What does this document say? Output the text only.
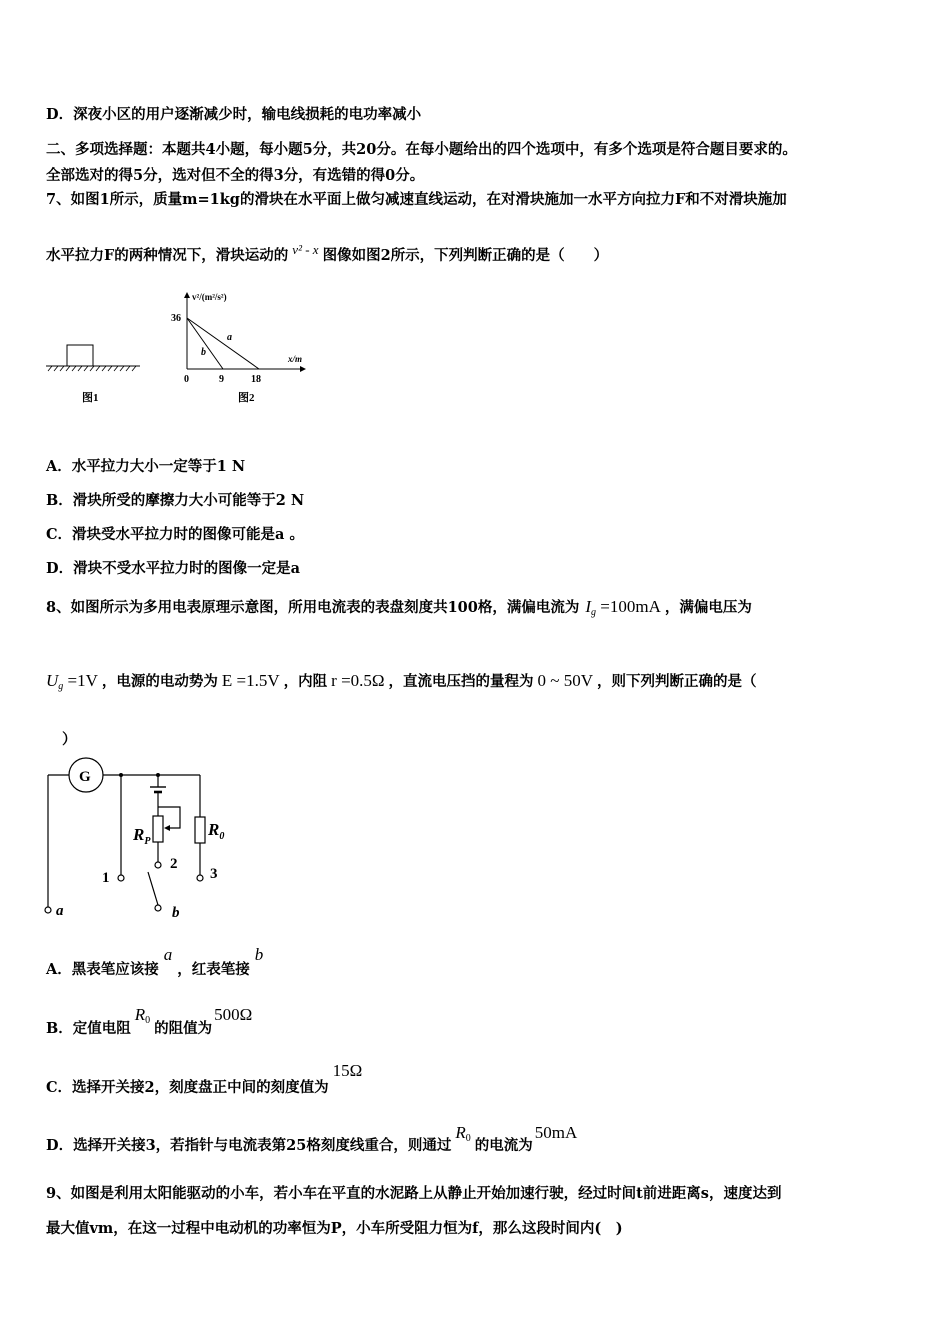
D．深夜小区的用户逐渐减少时，输电线损耗的电功率减小
二、多项选择题：本题共4小题，每小题5分，共20分。在每小题给出的四个选项中，有多个选项是符合题目要求的。
全部选对的得5分，选对但不全的得3分，有选错的得0分。
7、如图1所示，质量m=1kg的滑块在水平面上做匀减速直线运动，在对滑块施加一水平方向拉力F和不对滑块施加
水平拉力F的两种情况下，滑块运动的 v² - x 图像如图2所示，下列判断正确的是（　　）
v²/(m²/s²)
36
x/m
0	9	18
a
b
图1	图2
A．水平拉力大小一定等于1 N
B．滑块所受的摩擦力大小可能等于2 N
C．滑块受水平拉力时的图像可能是a 。
D．滑块不受水平拉力时的图像一定是a
8、如图所示为多用电表原理示意图，所用电流表的表盘刻度共100格，满偏电流为 $I_g =100mA$ ，满偏电压为
$U_g =1V$ ，电源的电动势为 E =1.5V ，内阻 r =0.5Ω ，直流电压挡的量程为 0 ~ 50V ，则下列判断正确的是（
）
G
$R_P$
2
$R_0$
3
1
b
a
A．黑表笔应该接a，红表笔接b
B．定值电阻$R_0$ 的阻值为500Ω
C．选择开关接2，刻度盘正中间的刻度值为15Ω
D．选择开关接3，若指针与电流表第25格刻度线重合，则通过$R_0$ 的电流为50mA
9、如图是利用太阳能驱动的小车，若小车在平直的水泥路上从静止开始加速行驶，经过时间t前进距离s，速度达到
最大值vm，在这一过程中电动机的功率恒为P，小车所受阻力恒为f，那么这段时间内(　)
